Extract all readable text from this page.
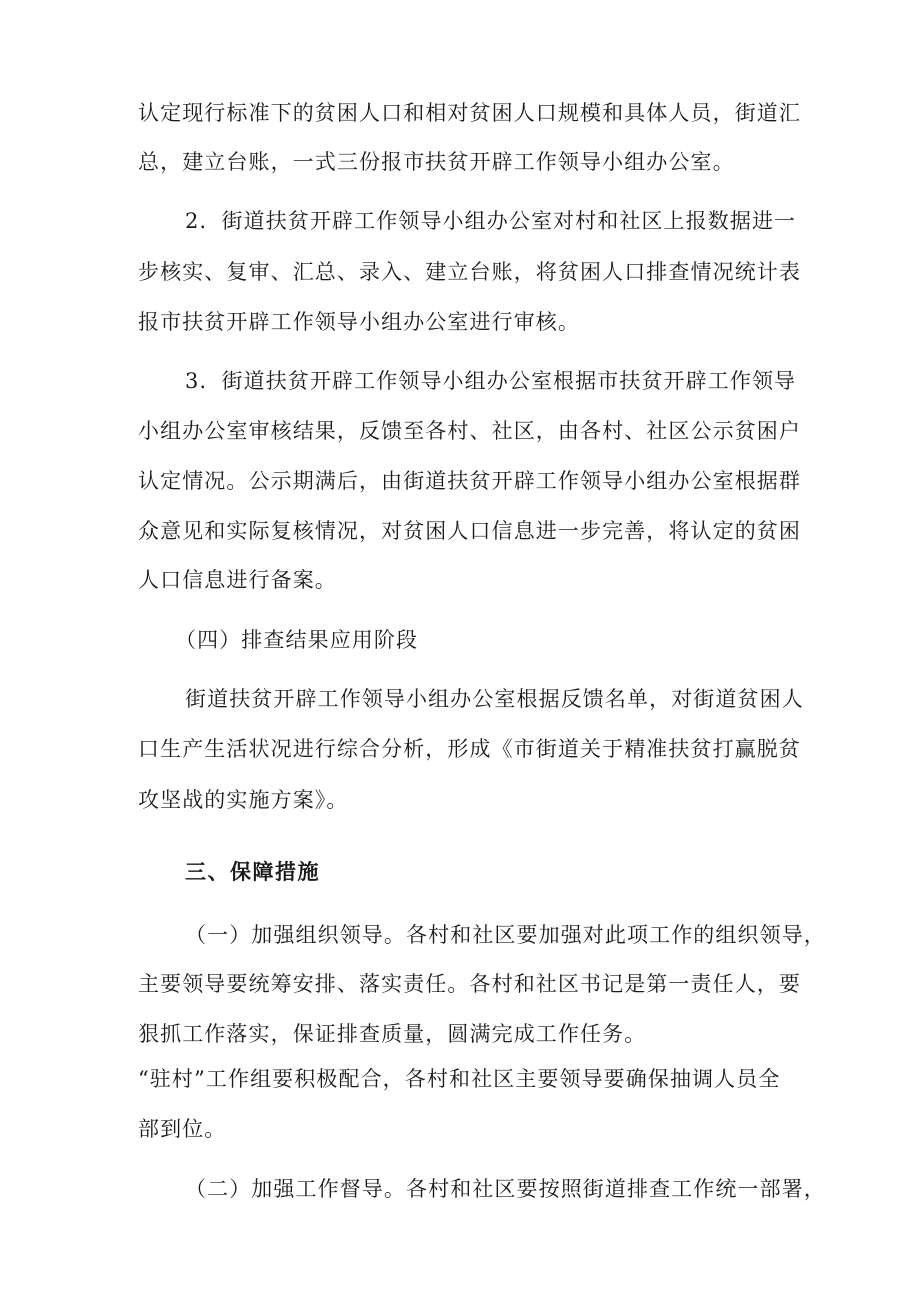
认定现行标准下的贫困人口和相对贫困人口规模和具体人员，街道汇
总，建立台账，一式三份报市扶贫开辟工作领导小组办公室。
2．街道扶贫开辟工作领导小组办公室对村和社区上报数据进一
步核实、复审、汇总、录入、建立台账，将贫困人口排查情况统计表
报市扶贫开辟工作领导小组办公室进行审核。
3．街道扶贫开辟工作领导小组办公室根据市扶贫开辟工作领导
小组办公室审核结果，反馈至各村、社区，由各村、社区公示贫困户
认定情况。公示期满后，由街道扶贫开辟工作领导小组办公室根据群
众意见和实际复核情况，对贫困人口信息进一步完善，将认定的贫困
人口信息进行备案。
（四）排查结果应用阶段
街道扶贫开辟工作领导小组办公室根据反馈名单，对街道贫困人
口生产生活状况进行综合分析，形成《市街道关于精准扶贫打赢脱贫
攻坚战的实施方案》。
三、保障措施
（一）加强组织领导。各村和社区要加强对此项工作的组织领导，
主要领导要统筹安排、落实责任。各村和社区书记是第一责任人，要
狠抓工作落实，保证排查质量，圆满完成工作任务。
“驻村”工作组要积极配合，各村和社区主要领导要确保抽调人员全
部到位。
（二）加强工作督导。各村和社区要按照街道排查工作统一部署，
